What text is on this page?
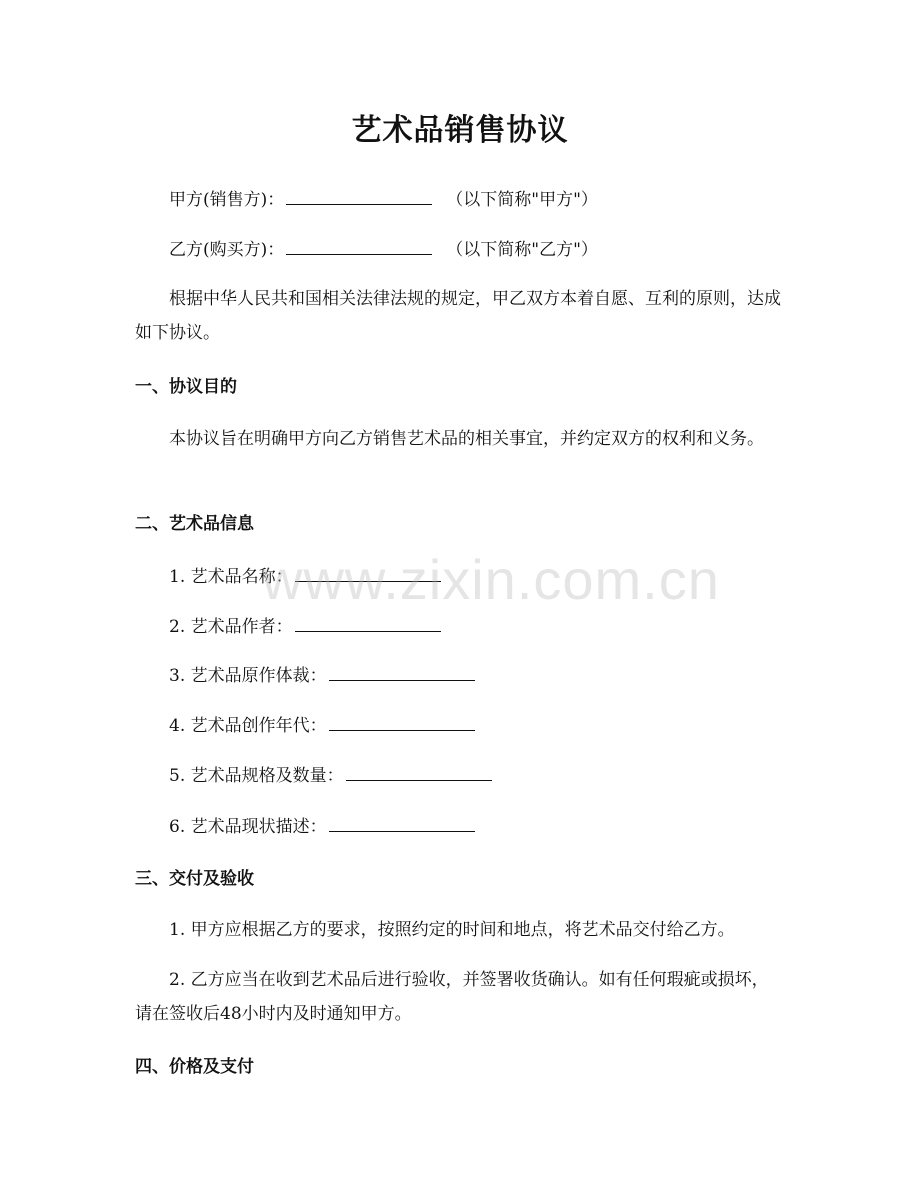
艺术品销售协议
甲方(销售方)：	（以下简称"甲方"）
乙方(购买方)：	（以下简称"乙方"）

根据中华人民共和国相关法律法规的规定，甲乙双方本着自愿、互利的原则，达成如下协议。

一、协议目的

本协议旨在明确甲方向乙方销售艺术品的相关事宜，并约定双方的权利和义务。

二、艺术品信息
1. 艺术品名称：
2. 艺术品作者：
3. 艺术品原作体裁：
4. 艺术品创作年代：
5. 艺术品规格及数量：
6. 艺术品现状描述：
三、交付及验收

1. 甲方应根据乙方的要求，按照约定的时间和地点，将艺术品交付给乙方。

2. 乙方应当在收到艺术品后进行验收，并签署收货确认。如有任何瑕疵或损坏，请在签收后48小时内及时通知甲方。

四、价格及支付
www.zixin.com.cn
